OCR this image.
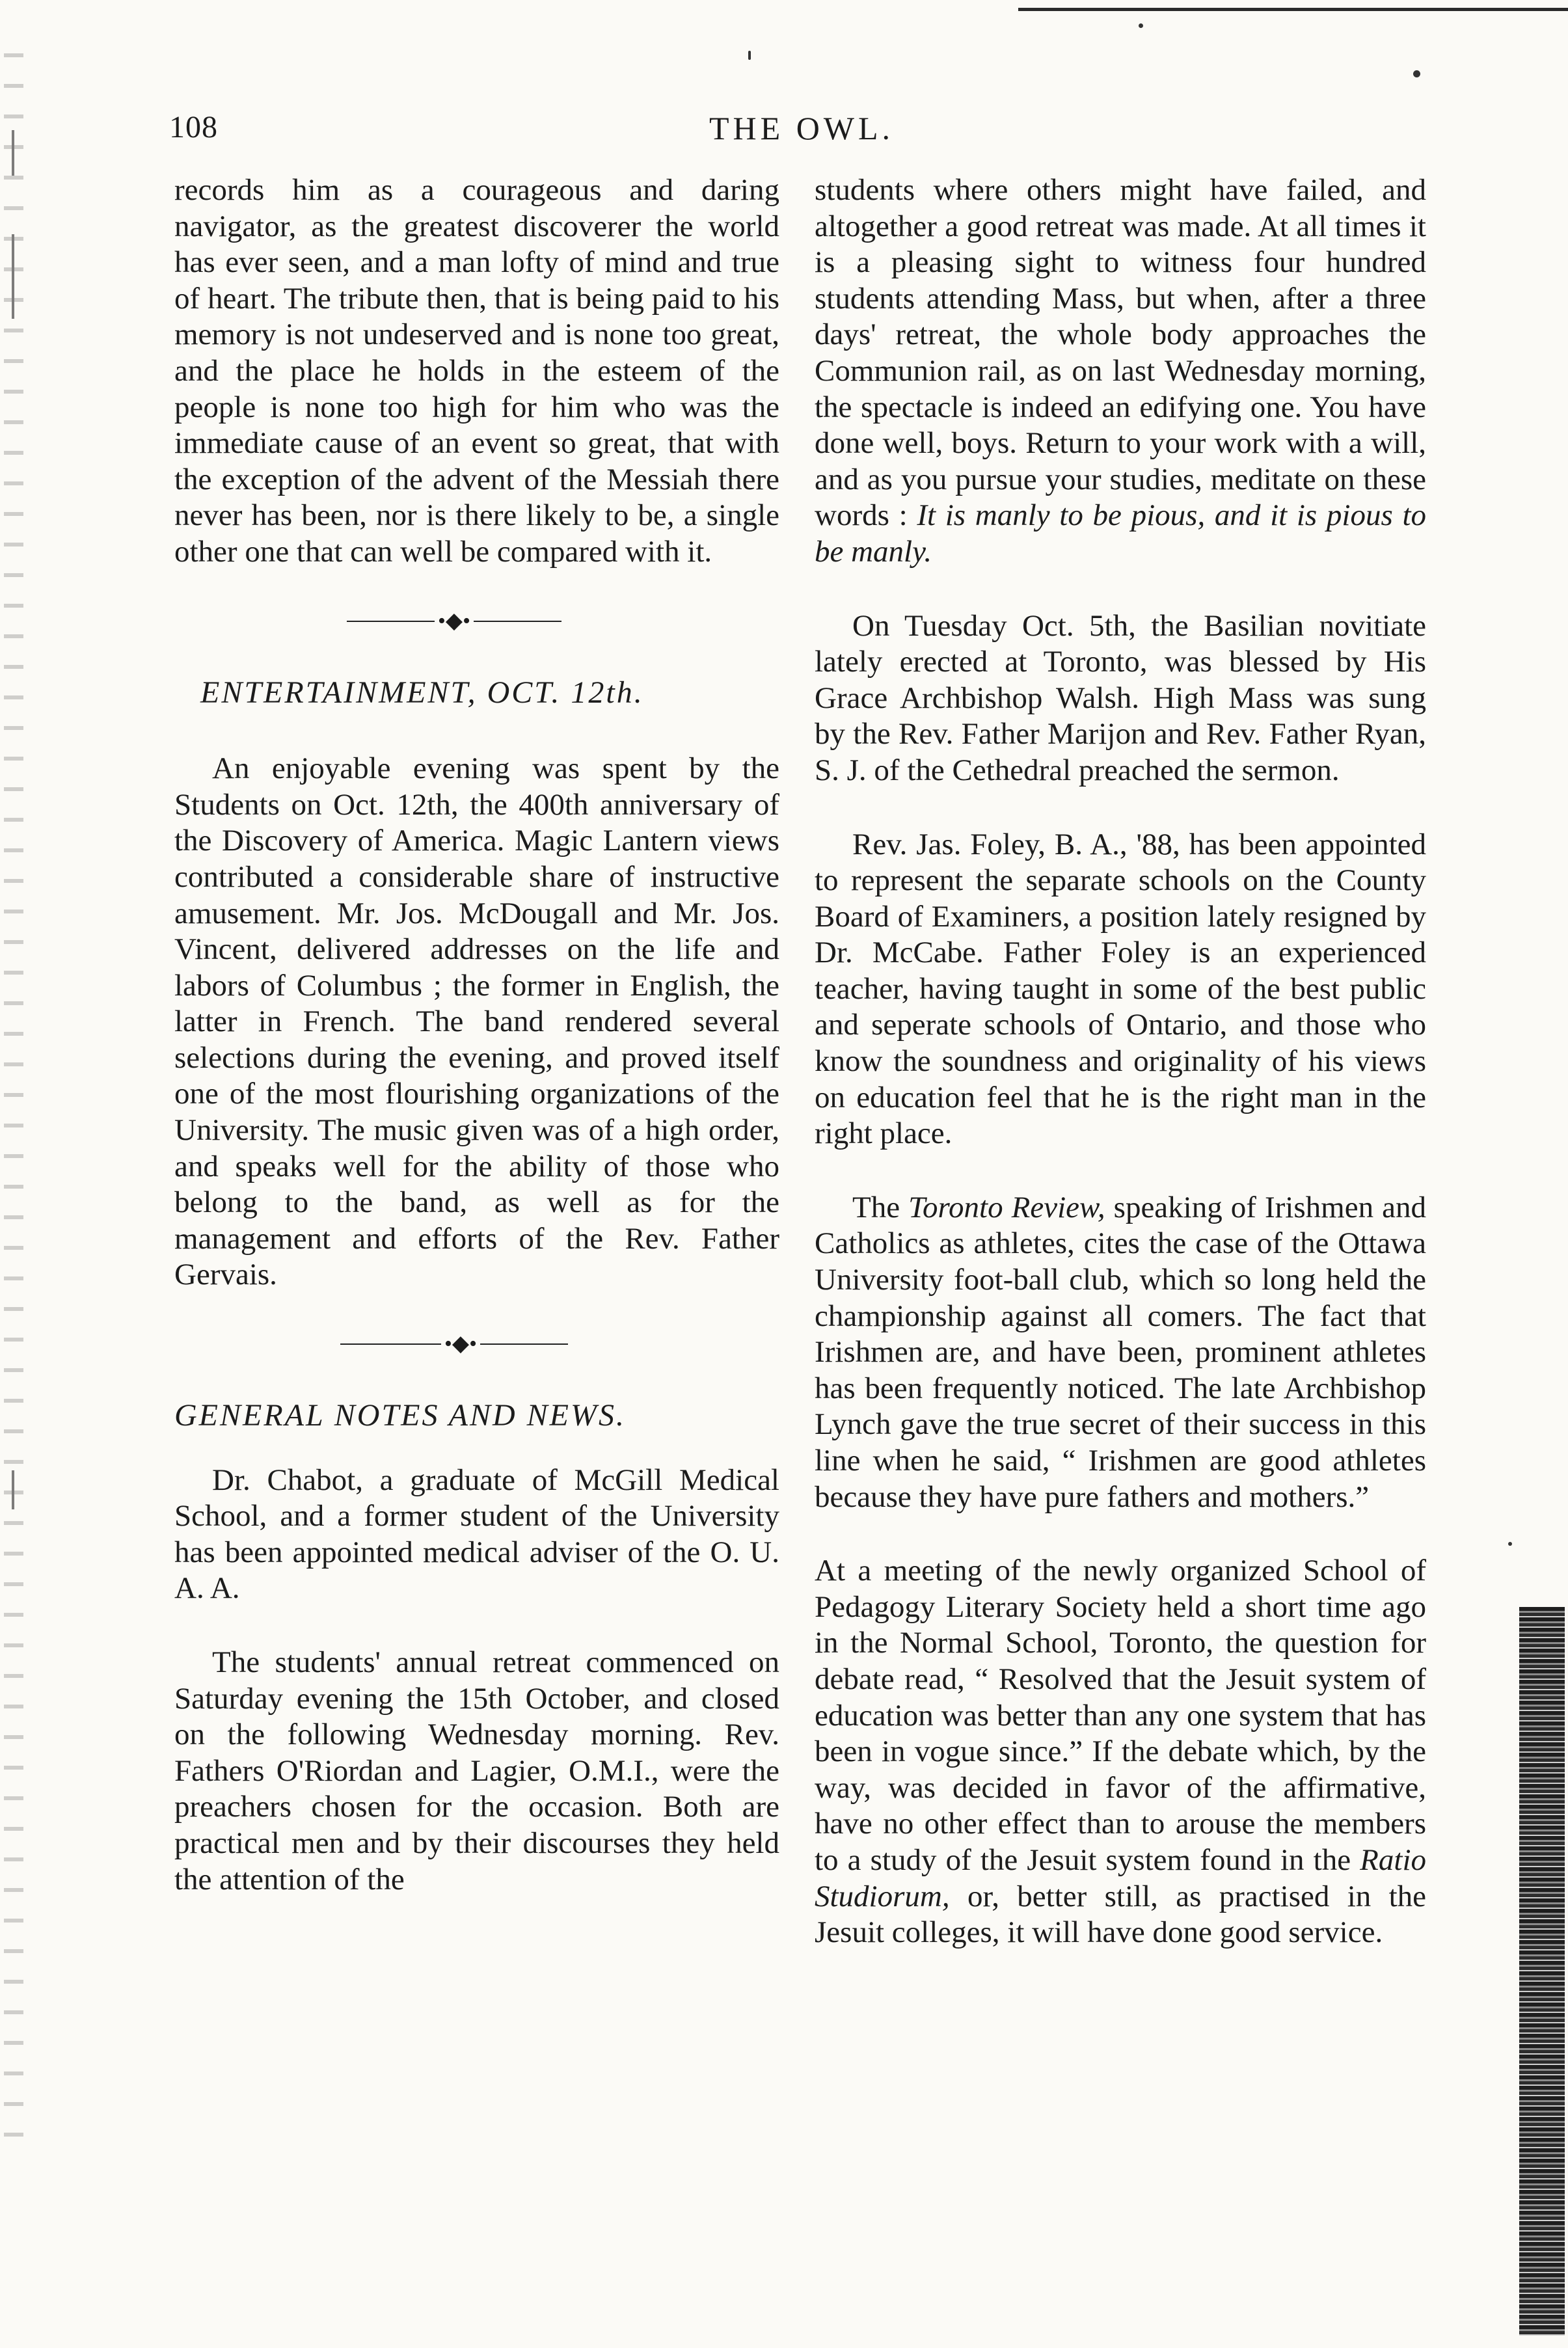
108	THE OWL.

records him as a courageous and daring navigator, as the greatest discoverer the world has ever seen, and a man lofty of mind and true of heart. The tribute then, that is being paid to his memory is not undeserved and is none too great, and the place he holds in the esteem of the people is none too high for him who was the immediate cause of an event so great, that with the exception of the advent of the Messiah there never has been, nor is there likely to be, a single other one that can well be compared with it.

•◆•

ENTERTAINMENT, OCT. 12th.

An enjoyable evening was spent by the Students on Oct. 12th, the 400th anniversary of the Discovery of America. Magic Lantern views contributed a considerable share of instructive amusement. Mr. Jos. McDougall and Mr. Jos. Vincent, delivered addresses on the life and labors of Columbus ; the former in English, the latter in French. The band rendered several selections during the evening, and proved itself one of the most flourishing organizations of the University. The music given was of a high order, and speaks well for the ability of those who belong to the band, as well as for the management and efforts of the Rev. Father Gervais.

•◆•

GENERAL NOTES AND NEWS.

Dr. Chabot, a graduate of McGill Medical School, and a former student of the University has been appointed medical adviser of the O. U. A. A.

The students' annual retreat commenced on Saturday evening the 15th October, and closed on the following Wednesday morning. Rev. Fathers O'Riordan and Lagier, O.M.I., were the preachers chosen for the occasion. Both are practical men and by their discourses they held the attention of the

students where others might have failed, and altogether a good retreat was made. At all times it is a pleasing sight to witness four hundred students attending Mass, but when, after a three days' retreat, the whole body approaches the Communion rail, as on last Wednesday morning, the spectacle is indeed an edifying one. You have done well, boys. Return to your work with a will, and as you pursue your studies, meditate on these words : It is manly to be pious, and it is pious to be manly.

On Tuesday Oct. 5th, the Basilian novitiate lately erected at Toronto, was blessed by His Grace Archbishop Walsh. High Mass was sung by the Rev. Father Marijon and Rev. Father Ryan, S. J. of the Cethedral preached the sermon.

Rev. Jas. Foley, B. A., '88, has been appointed to represent the separate schools on the County Board of Examiners, a position lately resigned by Dr. McCabe. Father Foley is an experienced teacher, having taught in some of the best public and seperate schools of Ontario, and those who know the soundness and originality of his views on education feel that he is the right man in the right place.

The Toronto Review, speaking of Irishmen and Catholics as athletes, cites the case of the Ottawa University foot-ball club, which so long held the championship against all comers. The fact that Irishmen are, and have been, prominent athletes has been frequently noticed. The late Archbishop Lynch gave the true secret of their success in this line when he said, “ Irishmen are good athletes because they have pure fathers and mothers.”

At a meeting of the newly organized School of Pedagogy Literary Society held a short time ago in the Normal School, Toronto, the question for debate read, “ Resolved that the Jesuit system of education was better than any one system that has been in vogue since.” If the debate which, by the way, was decided in favor of the affirmative, have no other effect than to arouse the members to a study of the Jesuit system found in the Ratio Studiorum, or, better still, as practised in the Jesuit colleges, it will have done good service.
